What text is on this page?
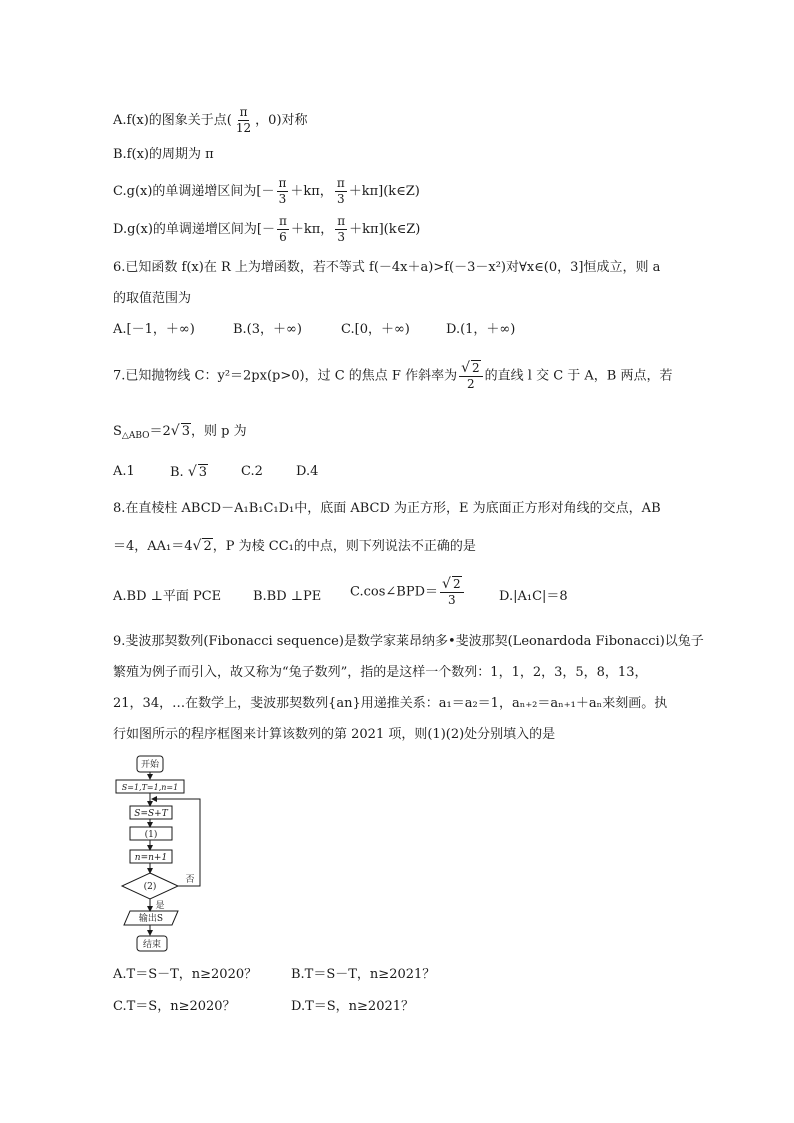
A.f(x)的图象关于点( $\frac{\pi}{12}$ ，0)对称
B.f(x)的周期为 π
C.g(x)的单调递增区间为[－ $\frac{\pi}{3} +k\pi$， $\frac{\pi}{3}$ ＋kπ](k∈Z)
D.g(x)的单调递增区间为[－ $\frac{\pi}{6} +k\pi$， $\frac{\pi}{3}$ ＋kπ](k∈Z)
6.已知函数 f(x)在 R 上为增函数，若不等式 f(－4x＋a)>f(－3－x²)对∀x∈(0，3]恒成立，则 a
的取值范围为
A.[－1，＋∞)	B.(3，＋∞)	C.[0，＋∞)	D.(1，＋∞)
7.已知抛物线 C：y²＝2px(p>0)，过 C 的焦点 F 作斜率为 $\frac{√ 2}{2}$ 的直线 l 交 C 于 A，B 两点，若
$S_{\triangle ABO}=2√$ 3，则 p 为
A.1	B. √ 3	C.2	D.4
8.在直棱柱 ABCD－A₁B₁C₁D₁中，底面 ABCD 为正方形，E 为底面正方形对角线的交点，AB
＝4，AA₁＝4√ 2，P 为棱 CC₁的中点，则下列说法不正确的是
A.BD ⊥平面 PCE B.BD ⊥PE C.cos∠BPD＝ $\frac{√ 2}{3}$	D.|A₁C|＝8
9.斐波那契数列(Fibonacci sequence)是数学家莱昂纳多•斐波那契(Leonardoda Fibonacci)以兔子
繁殖为例子而引入，故又称为“兔子数列”，指的是这样一个数列：1，1，2，3，5，8，13，
21，34，…在数学上，斐波那契数列{an}用递推关系：a₁＝a₂＝1，aₙ₊₂＝aₙ₊₁＋aₙ来刻画。执
行如图所示的程序框图来计算该数列的第 2021 项，则(1)(2)处分别填入的是
开始
S=1,T=1,n=1
S=S+T
(1)
n=n+1
(2)
否
是
输出S
结束
A.T＝S－T，n≥2020？	B.T＝S－T，n≥2021？
C.T＝S，n≥2020？	D.T＝S，n≥2021？
